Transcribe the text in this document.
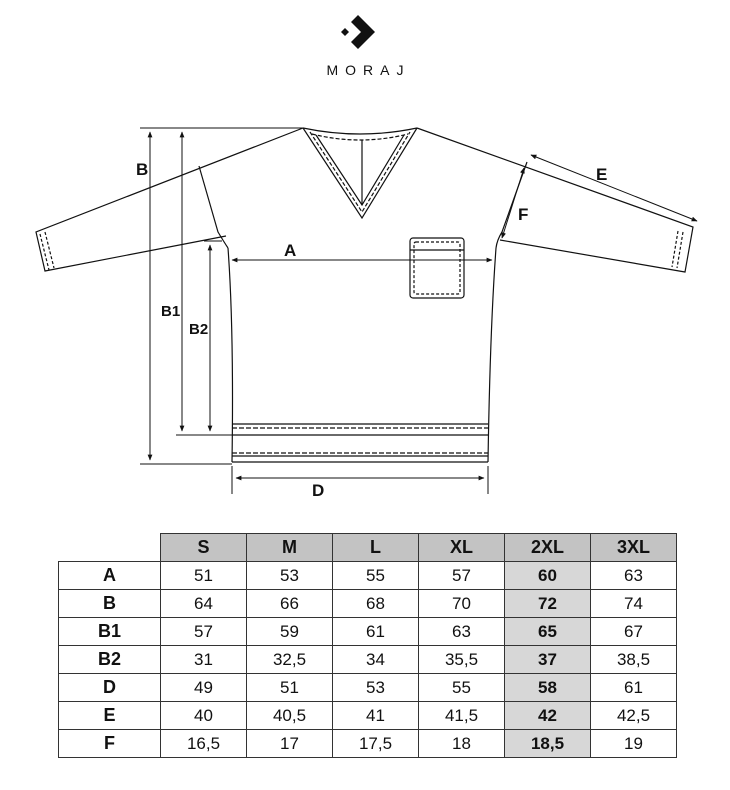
MORAJ
B
B1
B2
A
D
E
F
	S	M	L	XL	2XL	3XL
A	51	53	55	57	60	63
B	64	66	68	70	72	74
B1	57	59	61	63	65	67
B2	31	32,5	34	35,5	37	38,5
D	49	51	53	55	58	61
E	40	40,5	41	41,5	42	42,5
F	16,5	17	17,5	18	18,5	19
